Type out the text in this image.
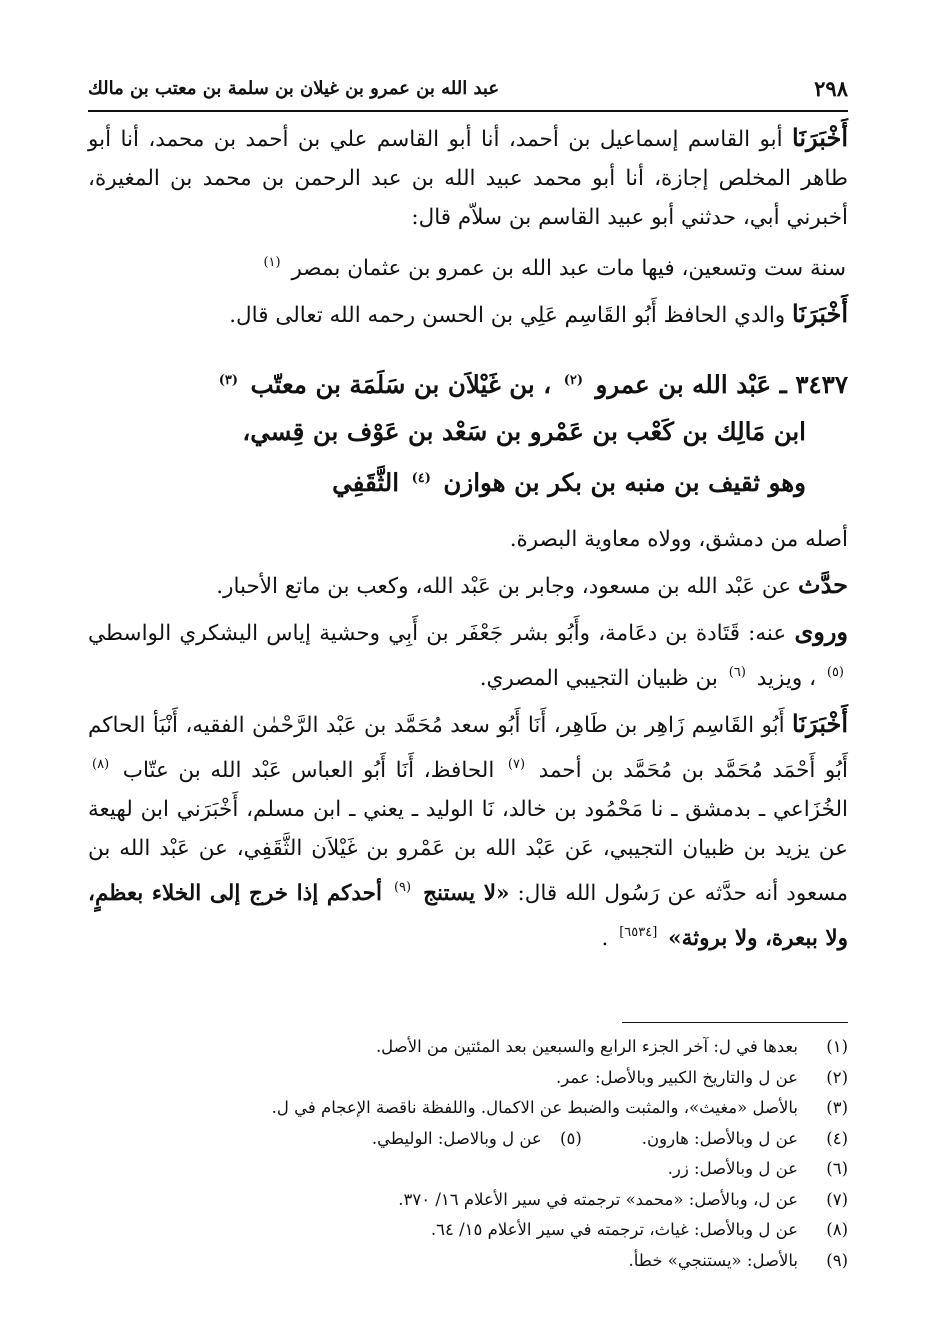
٢٩٨
عبد الله بن عمرو بن غيلان بن سلمة بن معتب بن مالك

أَخْبَرَنَا أبو القاسم إسماعيل بن أحمد، أنا أبو القاسم علي بن أحمد بن محمد، أنا أبو طاهر المخلص إجازة، أنا أبو محمد عبيد الله بن عبد الرحمن بن محمد بن المغيرة، أخبرني أبي، حدثني أبو عبيد القاسم بن سلاّم قال:

سنة ست وتسعين، فيها مات عبد الله بن عمرو بن عثمان بمصر $^{(١)}$

أَخْبَرَنَا والدي الحافظ أَبُو القَاسِم عَلِي بن الحسن رحمه الله تعالى قال.

٣٤٣٧ ـ عَبْد الله بن عمرو $^{(٢)}$ ، بن غَيْلاَن بن سَلَمَة بن معتّب $^{(٣)}$
ابن مَالِك بن كَعْب بن عَمْرو بن سَعْد بن عَوْف بن قِسي،
وهو ثقيف بن منبه بن بكر بن هوازن $^{(٤)}$ الثَّقَفِي

أصله من دمشق، وولاه معاوية البصرة.

حدَّث عن عَبْد الله بن مسعود، وجابر بن عَبْد الله، وكعب بن ماتع الأحبار.

وروى عنه: قَتَادة بن دعَامة، وأَبُو بشر جَعْفَر بن أَبِي وحشية إياس اليشكري الواسطي $^{(٥)}$ ، ويزيد $^{(٦)}$ بن ظبيان التجيبي المصري.

أَخْبَرَنَا أَبُو القَاسِم زَاهِر بن طَاهِر، أَنَا أَبُو سعد مُحَمَّد بن عَبْد الرَّحْمٰن الفقيه، أَنْبَأ الحاكم أَبُو أَحْمَد مُحَمَّد بن مُحَمَّد بن أحمد $^{(٧)}$ الحافظ، أَنَا أَبُو العباس عَبْد الله بن عتّاب $^{(٨)}$ الخُزَاعي ـ بدمشق ـ نا مَحْمُود بن خالد، نَا الوليد ـ يعني ـ ابن مسلم، أَخْبَرَني ابن لهيعة عن يزيد بن ظبيان التجيبي، عَن عَبْد الله بن عَمْرو بن غَيْلاَن الثَّقَفِي، عن عَبْد الله بن مسعود أنه حدَّثه عن رَسُول الله قال: «لا يستنج $^{(٩)}$ أحدكم إذا خرج إلى الخلاء بعظمٍ، ولا ببعرة، ولا بروثة» [٦٥٣٤] .

(١)
بعدها في ل: آخر الجزء الرابع والسبعين بعد المئتين من الأصل.
(٢)
عن ل والتاريخ الكبير وبالأصل: عمر.
(٣)
بالأصل «مغيث»، والمثبت والضبط عن الاكمال. واللفظة ناقصة الإعجام في ل.
(٤)
عن ل وبالأصل: هارون.
(٥)
عن ل وبالاصل: الوليطي.
(٦)
عن ل وبالأصل: زر.
(٧)
عن ل، وبالأصل: «محمد» ترجمته في سير الأعلام ١٦/ ٣٧٠.
(٨)
عن ل وبالأصل: غياث، ترجمته في سير الأعلام ١٥/ ٦٤.
(٩)
بالأصل: «يستنجي» خطأ.
